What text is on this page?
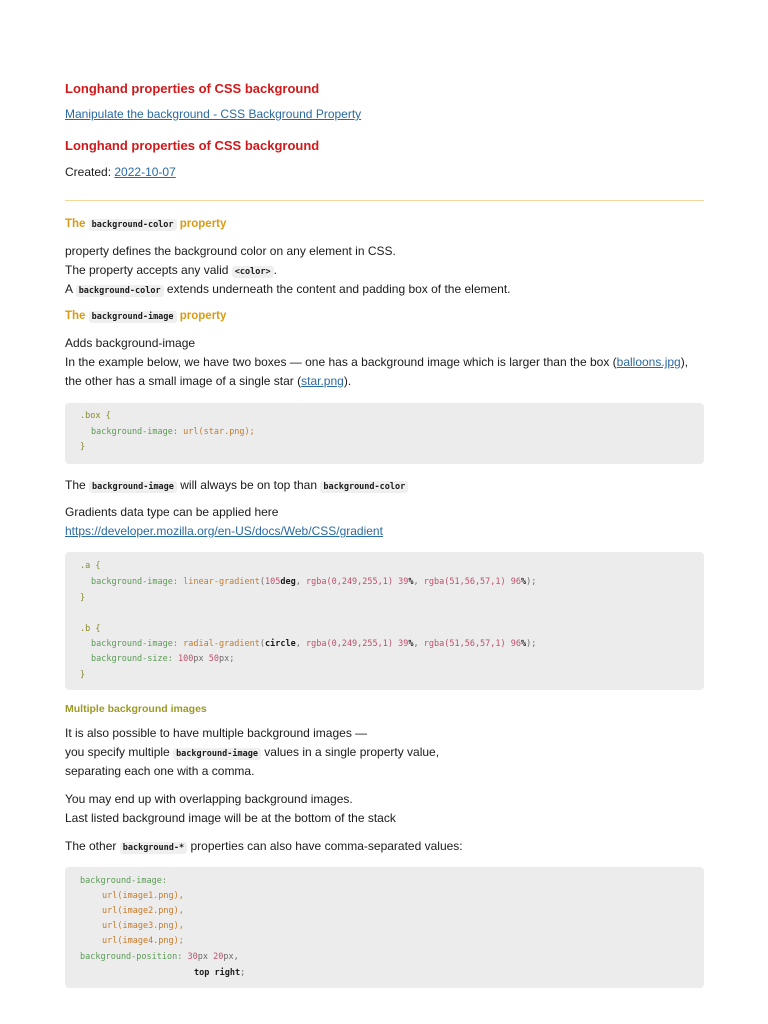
Longhand properties of CSS background
Manipulate the background - CSS Background Property
Longhand properties of CSS background
Created: 2022-10-07
The background-color property
property defines the background color on any element in CSS.
The property accepts any valid <color> .
A background-color extends underneath the content and padding box of the element.
The background-image property
Adds background-image
In the example below, we have two boxes — one has a background image which is larger than the box (balloons.jpg),
the other has a small image of a single star (star.png).
.box {
background-image: url(star.png);
}
The background-image will always be on top than background-color
Gradients data type can be applied here
https://developer.mozilla.org/en-US/docs/Web/CSS/gradient
.a {
background-image: linear-gradient(105deg, rgba(0,249,255,1) 39%, rgba(51,56,57,1) 96%);
}
.b {
background-image: radial-gradient(circle, rgba(0,249,255,1) 39%, rgba(51,56,57,1) 96%);
background-size: 100px 50px;
}
Multiple background images
It is also possible to have multiple background images —
you specify multiple background-image values in a single property value,
separating each one with a comma.
You may end up with overlapping background images.
Last listed background image will be at the bottom of the stack
The other background-* properties can also have comma-separated values:
background-image:
url(image1.png),
url(image2.png),
url(image3.png),
url(image4.png);
background-position: 30px 20px,
top right;
